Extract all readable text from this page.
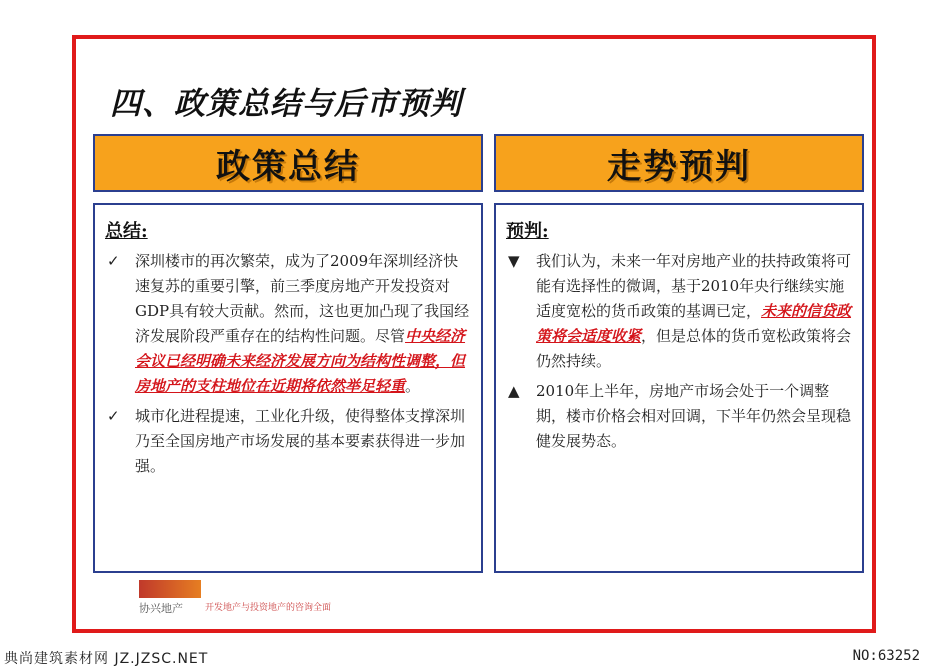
四、政策总结与后市预判
政策总结
总结:
✓	深圳楼市的再次繁荣，成为了2009年深圳经济快速复苏的重要引擎，前三季度房地产开发投资对GDP具有较大贡献。然而，这也更加凸现了我国经济发展阶段严重存在的结构性问题。尽管中央经济会议已经明确未来经济发展方向为结构性调整，但房地产的支柱地位在近期将依然举足轻重。
✓	城市化进程提速，工业化升级，使得整体支撑深圳乃至全国房地产市场发展的基本要素获得进一步加强。
走势预判
预判:
▼	我们认为，未来一年对房地产业的扶持政策将可能有选择性的微调，基于2010年央行继续实施适度宽松的货币政策的基调已定，未来的信贷政策将会适度收紧，但是总体的货币宽松政策将会仍然持续。
▲	2010年上半年，房地产市场会处于一个调整期，楼市价格会相对回调，下半年仍然会呈现稳健发展势态。
协兴地产 开发地产与投资地产的咨询全面
典尚建筑素材网 JZ.JZSC.NET	NO:63252
